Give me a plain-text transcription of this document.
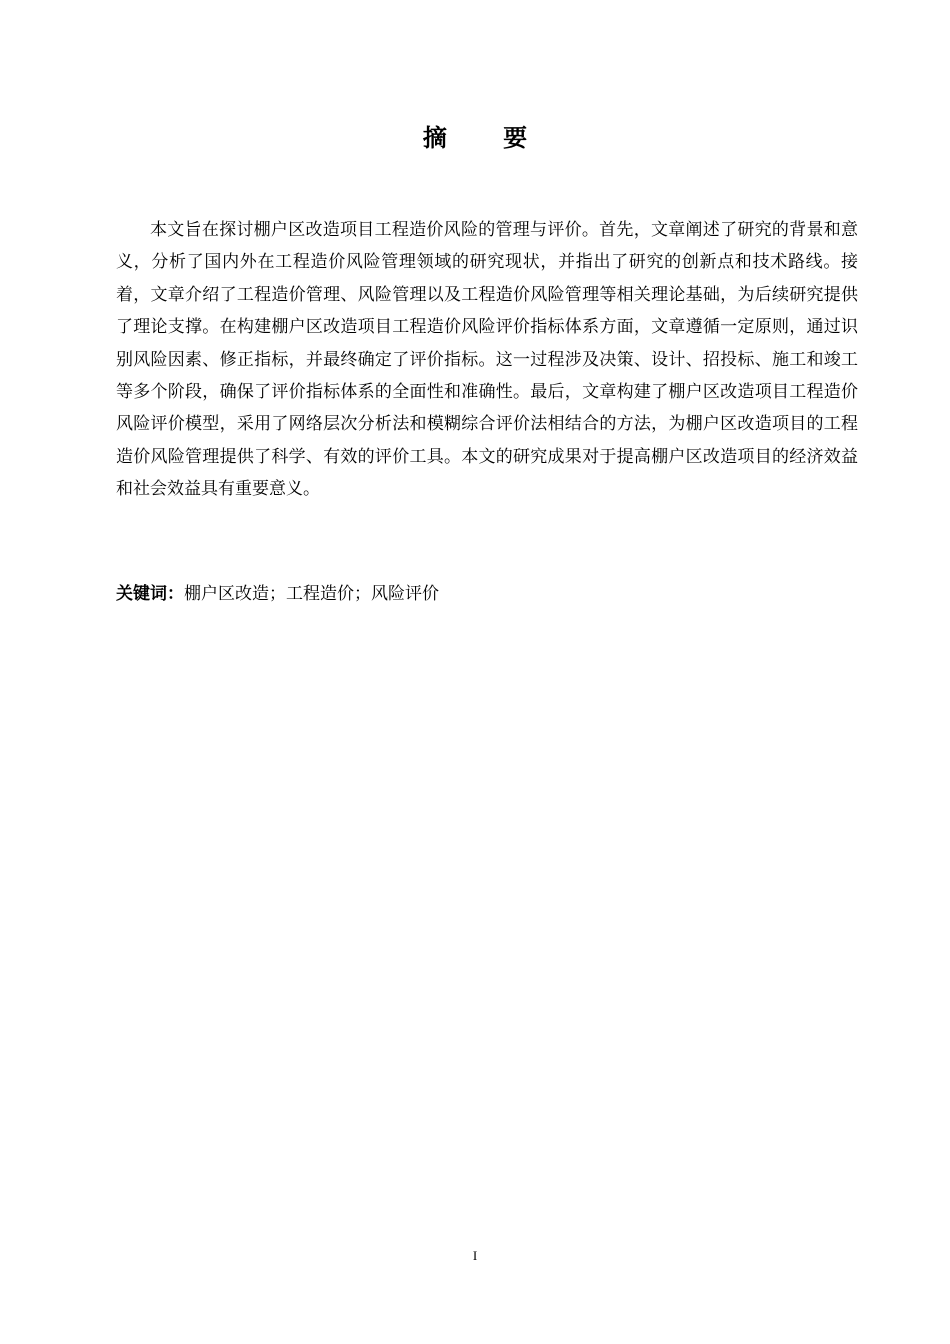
摘 要

本文旨在探讨棚户区改造项目工程造价风险的管理与评价。首先，文章阐述了研究的背景和意义，分析了国内外在工程造价风险管理领域的研究现状，并指出了研究的创新点和技术路线。接着，文章介绍了工程造价管理、风险管理以及工程造价风险管理等相关理论基础，为后续研究提供了理论支撑。在构建棚户区改造项目工程造价风险评价指标体系方面，文章遵循一定原则，通过识别风险因素、修正指标，并最终确定了评价指标。这一过程涉及决策、设计、招投标、施工和竣工等多个阶段，确保了评价指标体系的全面性和准确性。最后，文章构建了棚户区改造项目工程造价风险评价模型，采用了网络层次分析法和模糊综合评价法相结合的方法，为棚户区改造项目的工程造价风险管理提供了科学、有效的评价工具。本文的研究成果对于提高棚户区改造项目的经济效益和社会效益具有重要意义。

关键词：棚户区改造；工程造价；风险评价

I
